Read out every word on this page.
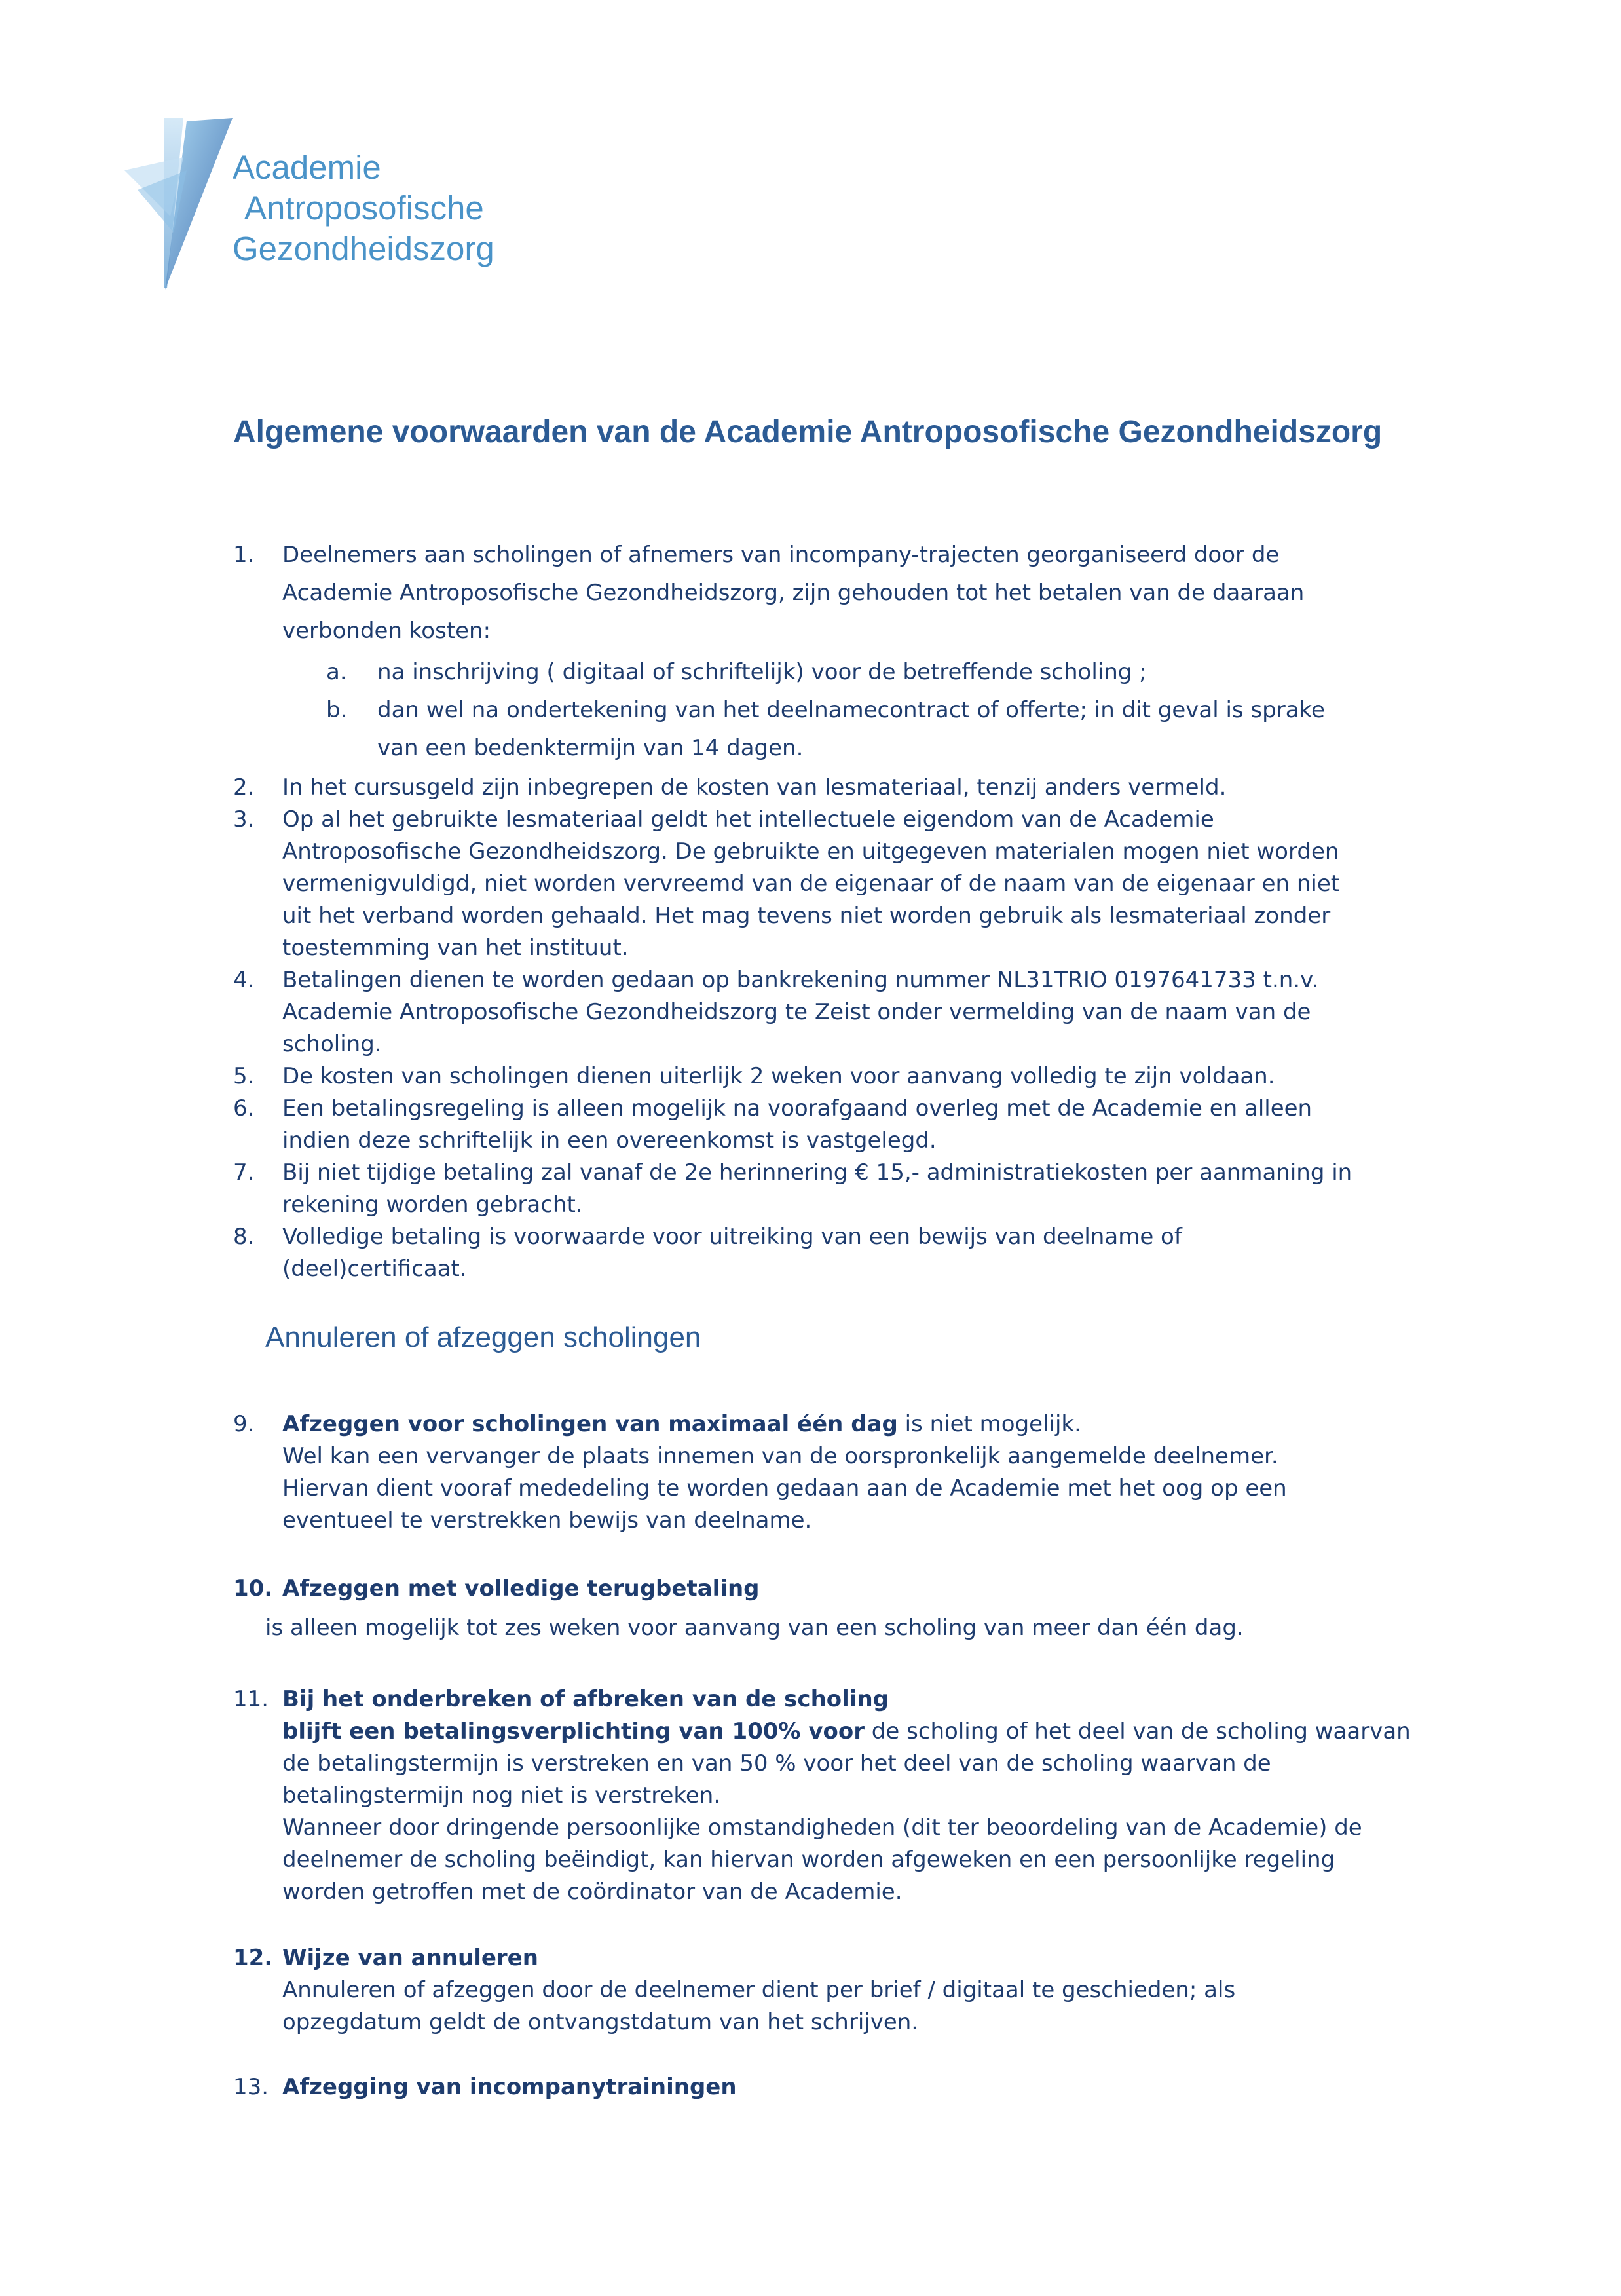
Academie
Antroposofische
Gezondheidszorg
Algemene voorwaarden van de Academie Antroposofische Gezondheidszorg
1. Deelnemers aan scholingen of afnemers van incompany-trajecten georganiseerd door de
Academie Antroposofische Gezondheidszorg, zijn gehouden tot het betalen van de daaraan
verbonden kosten:
a. na inschrijving ( digitaal of schriftelijk) voor de betreffende scholing ;
b. dan wel na ondertekening van het deelnamecontract of offerte; in dit geval is sprake
van een bedenktermijn van 14 dagen.
2. In het cursusgeld zijn inbegrepen de kosten van lesmateriaal, tenzij anders vermeld.
3. Op al het gebruikte lesmateriaal geldt het intellectuele eigendom van de Academie
Antroposofische Gezondheidszorg. De gebruikte en uitgegeven materialen mogen niet worden
vermenigvuldigd, niet worden vervreemd van de eigenaar of de naam van de eigenaar en niet
uit het verband worden gehaald. Het mag tevens niet worden gebruik als lesmateriaal zonder
toestemming van het instituut.
4. Betalingen dienen te worden gedaan op bankrekening nummer NL31TRIO 0197641733 t.n.v.
Academie Antroposofische Gezondheidszorg te Zeist onder vermelding van de naam van de
scholing.
5. De kosten van scholingen dienen uiterlijk 2 weken voor aanvang volledig te zijn voldaan.
6. Een betalingsregeling is alleen mogelijk na voorafgaand overleg met de Academie en alleen
indien deze schriftelijk in een overeenkomst is vastgelegd.
7. Bij niet tijdige betaling zal vanaf de 2e herinnering € 15,- administratiekosten per aanmaning in
rekening worden gebracht.
8. Volledige betaling is voorwaarde voor uitreiking van een bewijs van deelname of
(deel)certificaat.
Annuleren of afzeggen scholingen
9. Afzeggen voor scholingen van maximaal één dag is niet mogelijk.
Wel kan een vervanger de plaats innemen van de oorspronkelijk aangemelde deelnemer.
Hiervan dient vooraf mededeling te worden gedaan aan de Academie met het oog op een
eventueel te verstrekken bewijs van deelname.
10. Afzeggen met volledige terugbetaling
is alleen mogelijk tot zes weken voor aanvang van een scholing van meer dan één dag.
11. Bij het onderbreken of afbreken van de scholing
blijft een betalingsverplichting van 100% voor de scholing of het deel van de scholing waarvan
de betalingstermijn is verstreken en van 50 % voor het deel van de scholing waarvan de
betalingstermijn nog niet is verstreken.
Wanneer door dringende persoonlijke omstandigheden (dit ter beoordeling van de Academie) de
deelnemer de scholing beëindigt, kan hiervan worden afgeweken en een persoonlijke regeling
worden getroffen met de coördinator van de Academie.
12. Wijze van annuleren
Annuleren of afzeggen door de deelnemer dient per brief / digitaal te geschieden; als
opzegdatum geldt de ontvangstdatum van het schrijven.
13. Afzegging van incompanytrainingen
